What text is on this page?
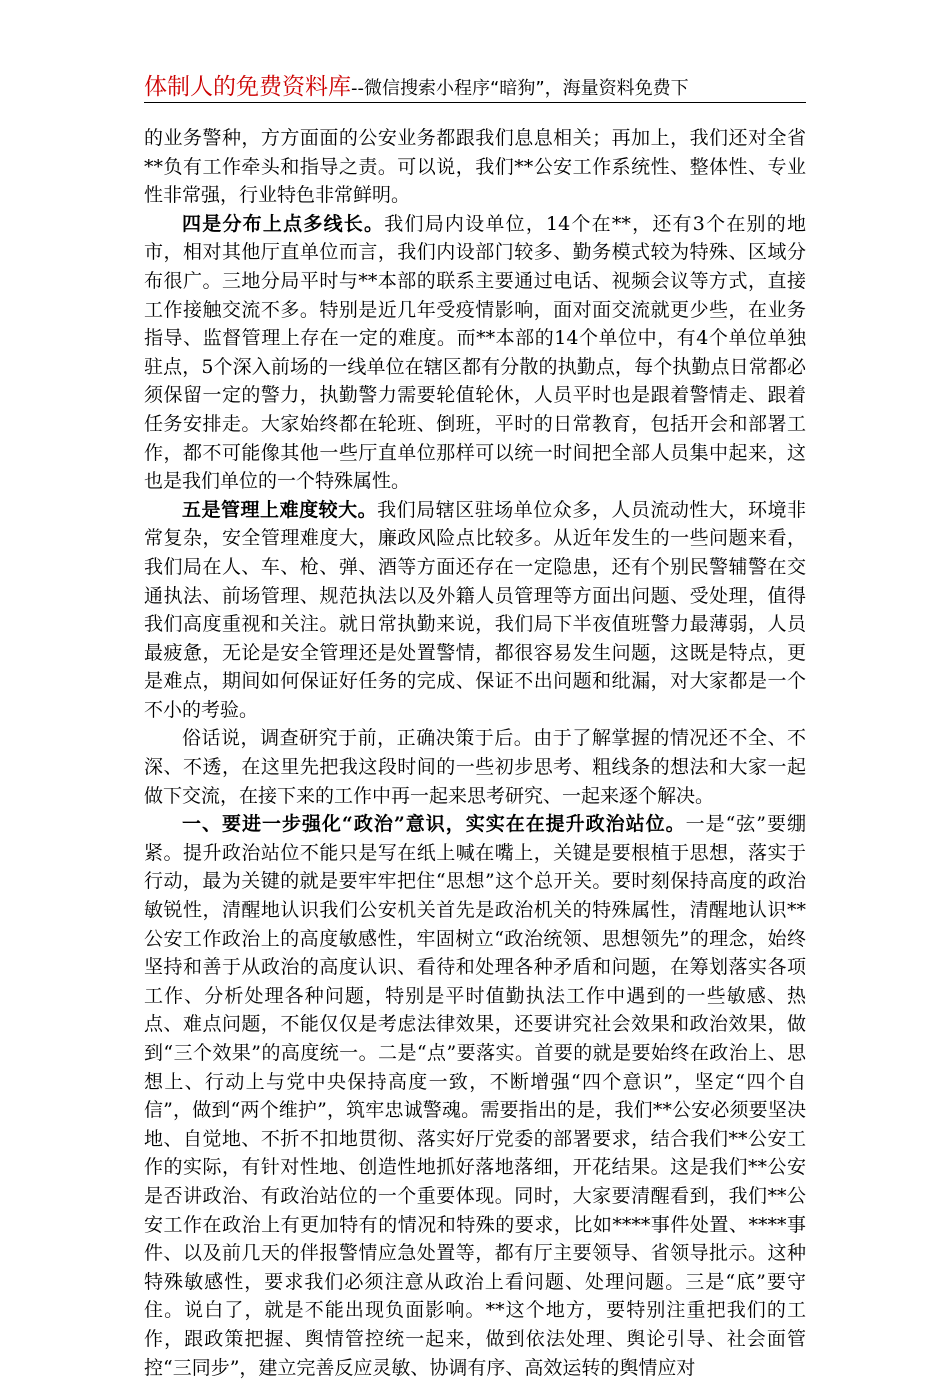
体制人的免费资料库--微信搜索小程序“暗狗”，海量资料免费下

的业务警种，方方面面的公安业务都跟我们息息相关；再加上，我们还对全省**负有工作牵头和指导之责。可以说，我们**公安工作系统性、整体性、专业性非常强，行业特色非常鲜明。

四是分布上点多线长。我们局内设单位，14个在**，还有3个在别的地市，相对其他厅直单位而言，我们内设部门较多、勤务模式较为特殊、区域分布很广。三地分局平时与**本部的联系主要通过电话、视频会议等方式，直接工作接触交流不多。特别是近几年受疫情影响，面对面交流就更少些，在业务指导、监督管理上存在一定的难度。而**本部的14个单位中，有4个单位单独驻点，5个深入前场的一线单位在辖区都有分散的执勤点，每个执勤点日常都必须保留一定的警力，执勤警力需要轮值轮休，人员平时也是跟着警情走、跟着任务安排走。大家始终都在轮班、倒班，平时的日常教育，包括开会和部署工作，都不可能像其他一些厅直单位那样可以统一时间把全部人员集中起来，这也是我们单位的一个特殊属性。

五是管理上难度较大。我们局辖区驻场单位众多，人员流动性大，环境非常复杂，安全管理难度大，廉政风险点比较多。从近年发生的一些问题来看，我们局在人、车、枪、弹、酒等方面还存在一定隐患，还有个别民警辅警在交通执法、前场管理、规范执法以及外籍人员管理等方面出问题、受处理，值得我们高度重视和关注。就日常执勤来说，我们局下半夜值班警力最薄弱，人员最疲惫，无论是安全管理还是处置警情，都很容易发生问题，这既是特点，更是难点，期间如何保证好任务的完成、保证不出问题和纰漏，对大家都是一个不小的考验。

俗话说，调查研究于前，正确决策于后。由于了解掌握的情况还不全、不深、不透，在这里先把我这段时间的一些初步思考、粗线条的想法和大家一起做下交流，在接下来的工作中再一起来思考研究、一起来逐个解决。

一、要进一步强化“政治”意识，实实在在提升政治站位。一是“弦”要绷紧。提升政治站位不能只是写在纸上喊在嘴上，关键是要根植于思想，落实于行动，最为关键的就是要牢牢把住“思想”这个总开关。要时刻保持高度的政治敏锐性，清醒地认识我们公安机关首先是政治机关的特殊属性，清醒地认识**公安工作政治上的高度敏感性，牢固树立“政治统领、思想领先”的理念，始终坚持和善于从政治的高度认识、看待和处理各种矛盾和问题，在筹划落实各项工作、分析处理各种问题，特别是平时值勤执法工作中遇到的一些敏感、热点、难点问题，不能仅仅是考虑法律效果，还要讲究社会效果和政治效果，做到“三个效果”的高度统一。二是“点”要落实。首要的就是要始终在政治上、思想上、行动上与党中央保持高度一致，不断增强“四个意识”，坚定“四个自信”，做到“两个维护”，筑牢忠诚警魂。需要指出的是，我们**公安必须要坚决地、自觉地、不折不扣地贯彻、落实好厅党委的部署要求，结合我们**公安工作的实际，有针对性地、创造性地抓好落地落细，开花结果。这是我们**公安是否讲政治、有政治站位的一个重要体现。同时，大家要清醒看到，我们**公安工作在政治上有更加特有的情况和特殊的要求，比如****事件处置、****事件、以及前几天的伴报警情应急处置等，都有厅主要领导、省领导批示。这种特殊敏感性，要求我们必须注意从政治上看问题、处理问题。三是“底”要守住。说白了，就是不能出现负面影响。**这个地方，要特别注重把我们的工作，跟政策把握、舆情管控统一起来，做到依法处理、舆论引导、社会面管控“三同步”，建立完善反应灵敏、协调有序、高效运转的舆情应对
